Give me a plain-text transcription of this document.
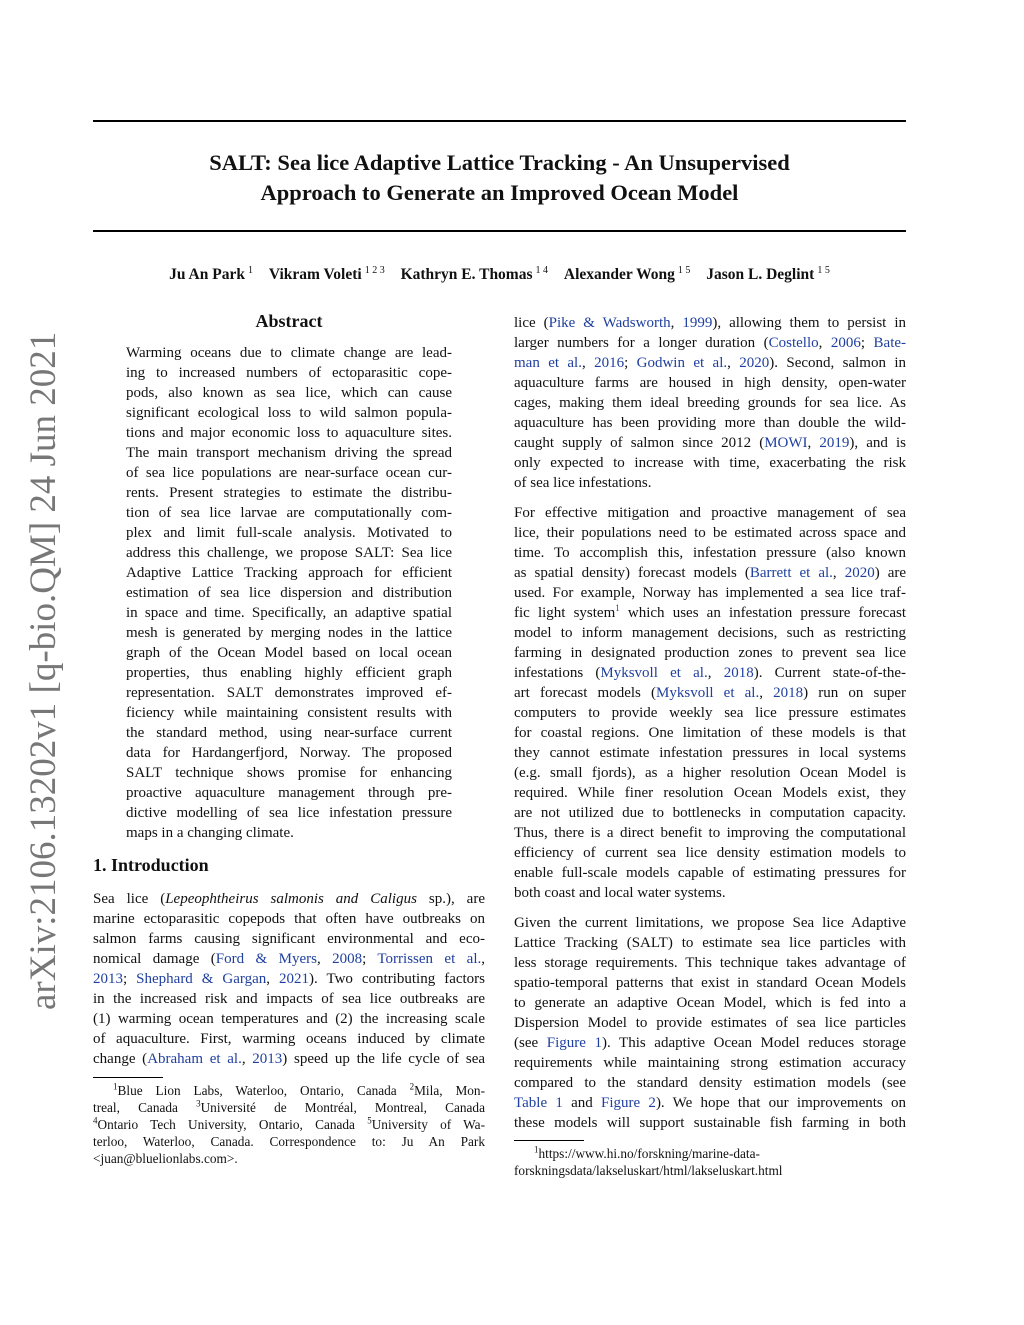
arXiv:2106.13202v1 [q-bio.QM] 24 Jun 2021
SALT: Sea lice Adaptive Lattice Tracking - An Unsupervised
Approach to Generate an Improved Ocean Model
Ju An Park $^1$ Vikram Voleti $^{1 2 3}$ Kathryn E. Thomas $^{1 4}$ Alexander Wong $^{1 5}$ Jason L. Deglint $^{1 5}$
Abstract
Warming oceans due to climate change are lead-
ing to increased numbers of ectoparasitic cope-
pods, also known as sea lice, which can cause
significant ecological loss to wild salmon popula-
tions and major economic loss to aquaculture sites.
The main transport mechanism driving the spread
of sea lice populations are near-surface ocean cur-
rents. Present strategies to estimate the distribu-
tion of sea lice larvae are computationally com-
plex and limit full-scale analysis. Motivated to
address this challenge, we propose SALT: Sea lice
Adaptive Lattice Tracking approach for efficient
estimation of sea lice dispersion and distribution
in space and time. Specifically, an adaptive spatial
mesh is generated by merging nodes in the lattice
graph of the Ocean Model based on local ocean
properties, thus enabling highly efficient graph
representation. SALT demonstrates improved ef-
ficiency while maintaining consistent results with
the standard method, using near-surface current
data for Hardangerfjord, Norway. The proposed
SALT technique shows promise for enhancing
proactive aquaculture management through pre-
dictive modelling of sea lice infestation pressure
maps in a changing climate.
1. Introduction
Sea lice (Lepeophtheirus salmonis and Caligus sp.), are
marine ectoparasitic copepods that often have outbreaks on
salmon farms causing significant environmental and eco-
nomical damage (Ford & Myers, 2008; Torrissen et al.,
2013; Shephard & Gargan, 2021). Two contributing factors
in the increased risk and impacts of sea lice outbreaks are
(1) warming ocean temperatures and (2) the increasing scale
of aquaculture. First, warming oceans induced by climate
change (Abraham et al., 2013) speed up the life cycle of sea
$^1$Blue Lion Labs, Waterloo, Ontario, Canada $^2$Mila, Mon-
treal, Canada $^3$Université de Montréal, Montreal, Canada
$^4$Ontario Tech University, Ontario, Canada $^5$University of Wa-
terloo, Waterloo, Canada. Correspondence to: Ju An Park
<juan@bluelionlabs.com>.
lice (Pike & Wadsworth, 1999), allowing them to persist in
larger numbers for a longer duration (Costello, 2006; Bate-
man et al., 2016; Godwin et al., 2020). Second, salmon in
aquaculture farms are housed in high density, open-water
cages, making them ideal breeding grounds for sea lice. As
aquaculture has been providing more than double the wild-
caught supply of salmon since 2012 (MOWI, 2019), and is
only expected to increase with time, exacerbating the risk
of sea lice infestations.
For effective mitigation and proactive management of sea
lice, their populations need to be estimated across space and
time. To accomplish this, infestation pressure (also known
as spatial density) forecast models (Barrett et al., 2020) are
used. For example, Norway has implemented a sea lice traf-
fic light system$^1$ which uses an infestation pressure forecast
model to inform management decisions, such as restricting
farming in designated production zones to prevent sea lice
infestations (Myksvoll et al., 2018). Current state-of-the-
art forecast models (Myksvoll et al., 2018) run on super
computers to provide weekly sea lice pressure estimates
for coastal regions. One limitation of these models is that
they cannot estimate infestation pressures in local systems
(e.g. small fjords), as a higher resolution Ocean Model is
required. While finer resolution Ocean Models exist, they
are not utilized due to bottlenecks in computation capacity.
Thus, there is a direct benefit to improving the computational
efficiency of current sea lice density estimation models to
enable full-scale models capable of estimating pressures for
both coast and local water systems.
Given the current limitations, we propose Sea lice Adaptive
Lattice Tracking (SALT) to estimate sea lice particles with
less storage requirements. This technique takes advantage of
spatio-temporal patterns that exist in standard Ocean Models
to generate an adaptive Ocean Model, which is fed into a
Dispersion Model to provide estimates of sea lice particles
(see Figure 1). This adaptive Ocean Model reduces storage
requirements while maintaining strong estimation accuracy
compared to the standard density estimation models (see
Table 1 and Figure 2). We hope that our improvements on
these models will support sustainable fish farming in both
$^1$https://www.hi.no/forskning/marine-data-
forskningsdata/lakseluskart/html/lakseluskart.html
